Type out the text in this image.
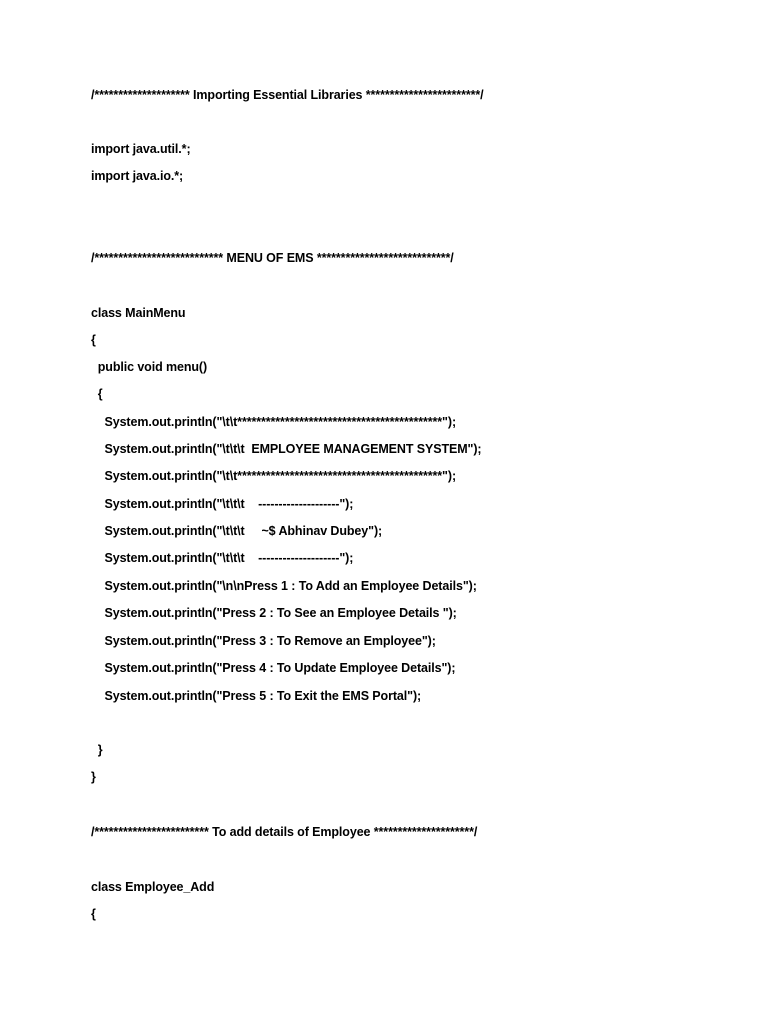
/******************** Importing Essential Libraries ************************/

import java.util.*;

import java.io.*;

/*************************** MENU OF EMS ****************************/

class MainMenu

{

public void menu()

{

System.out.println("\t\t*******************************************");

System.out.println("\t\t\t  EMPLOYEE MANAGEMENT SYSTEM");

System.out.println("\t\t*******************************************");

System.out.println("\t\t\t    --------------------");

System.out.println("\t\t\t     ~$ Abhinav Dubey");

System.out.println("\t\t\t    --------------------");

System.out.println("\n\nPress 1 : To Add an Employee Details");

System.out.println("Press 2 : To See an Employee Details ");

System.out.println("Press 3 : To Remove an Employee");

System.out.println("Press 4 : To Update Employee Details");

System.out.println("Press 5 : To Exit the EMS Portal");

}

}

/************************ To add details of Employee *********************/

class Employee_Add

{
